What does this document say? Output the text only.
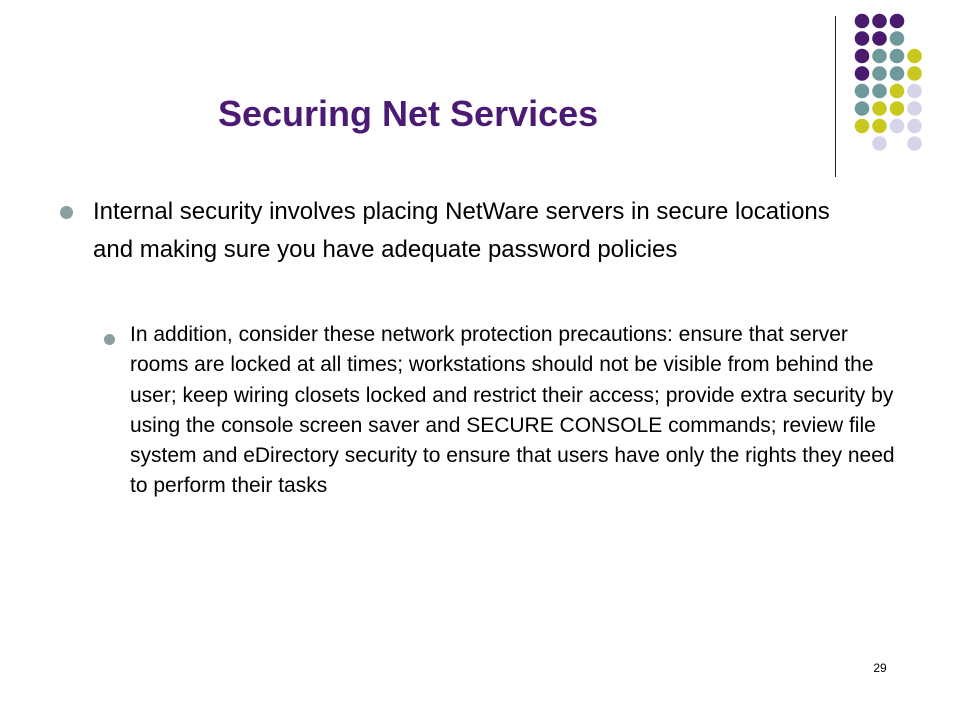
Securing Net Services
Internal security involves placing NetWare servers in secure locations and making sure you have adequate password policies
In addition, consider these network protection precautions: ensure that server rooms are locked at all times; workstations should not be visible from behind the user; keep wiring closets locked and restrict their access; provide extra security by using the console screen saver and SECURE CONSOLE commands; review file system and eDirectory security to ensure that users have only the rights they need to perform their tasks
29
